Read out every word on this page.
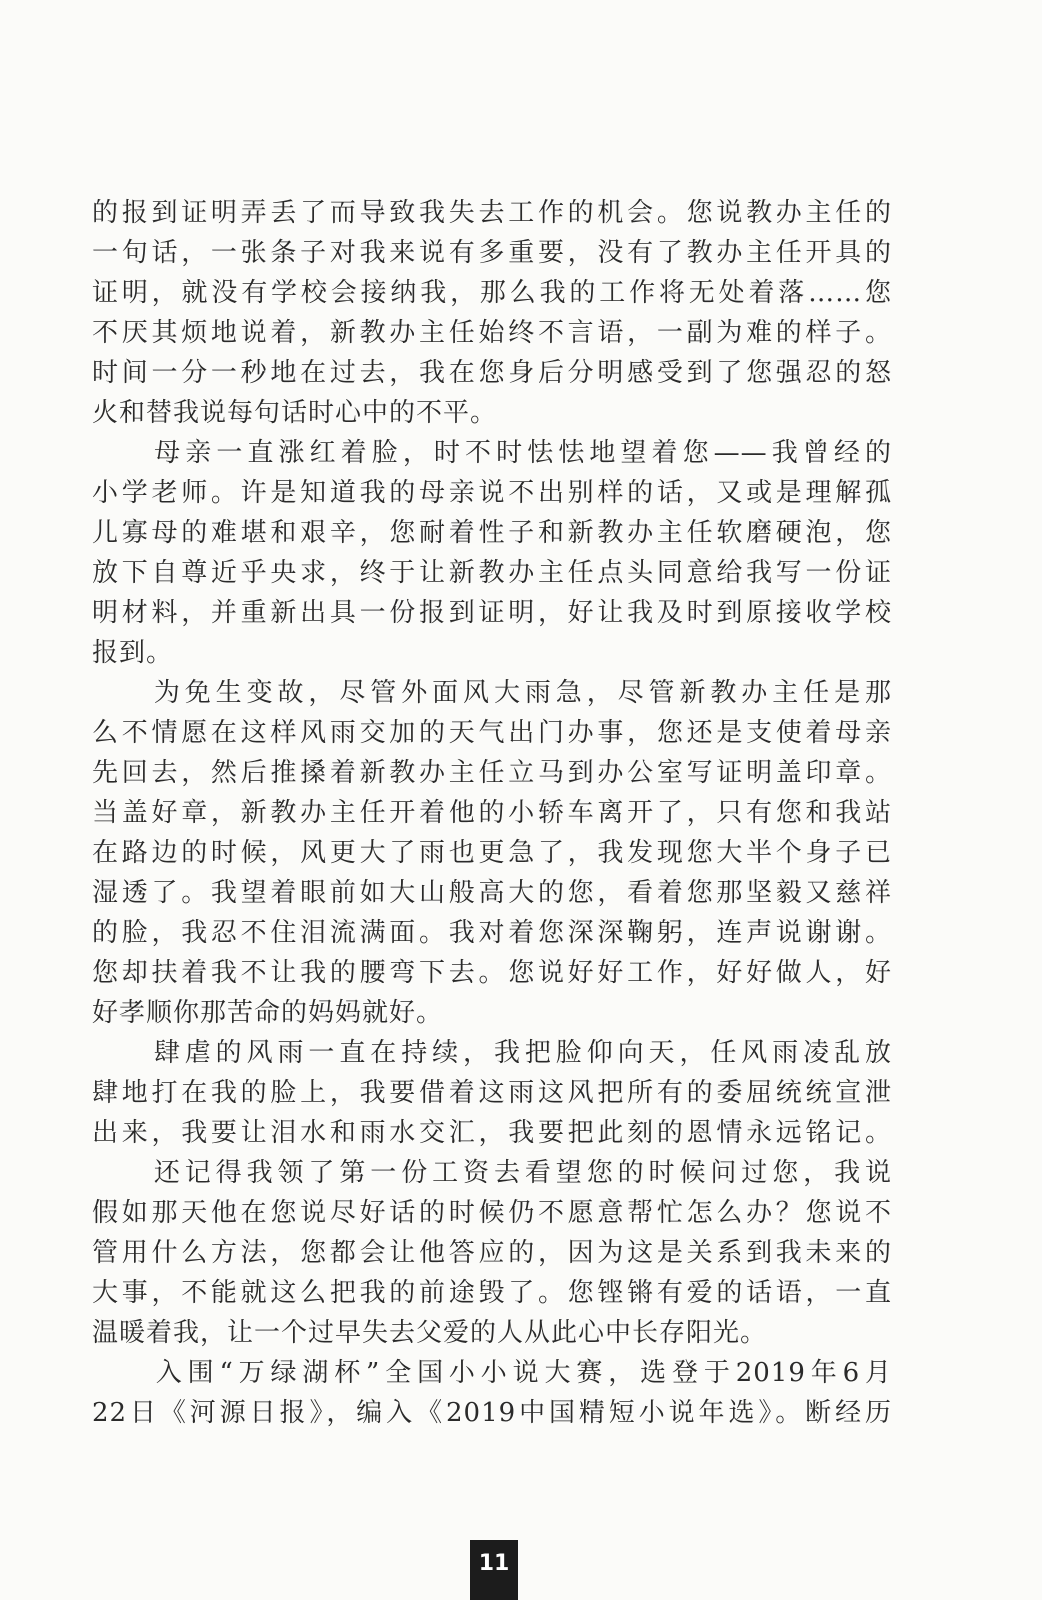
的报到证明弄丢了而导致我失去工作的机会。您说教办主任的
一句话，一张条子对我来说有多重要，没有了教办主任开具的
证明，就没有学校会接纳我，那么我的工作将无处着落……您
不厌其烦地说着，新教办主任始终不言语，一副为难的样子。
时间一分一秒地在过去，我在您身后分明感受到了您强忍的怒
火和替我说每句话时心中的不平。
　　母亲一直涨红着脸，时不时怯怯地望着您——我曾经的
小学老师。许是知道我的母亲说不出别样的话，又或是理解孤
儿寡母的难堪和艰辛，您耐着性子和新教办主任软磨硬泡，您
放下自尊近乎央求，终于让新教办主任点头同意给我写一份证
明材料，并重新出具一份报到证明，好让我及时到原接收学校
报到。
　　为免生变故，尽管外面风大雨急，尽管新教办主任是那
么不情愿在这样风雨交加的天气出门办事，您还是支使着母亲
先回去，然后推搡着新教办主任立马到办公室写证明盖印章。
当盖好章，新教办主任开着他的小轿车离开了，只有您和我站
在路边的时候，风更大了雨也更急了，我发现您大半个身子已
湿透了。我望着眼前如大山般高大的您，看着您那坚毅又慈祥
的脸，我忍不住泪流满面。我对着您深深鞠躬，连声说谢谢。
您却扶着我不让我的腰弯下去。您说好好工作，好好做人，好
好孝顺你那苦命的妈妈就好。
　　肆虐的风雨一直在持续，我把脸仰向天，任风雨凌乱放
肆地打在我的脸上，我要借着这雨这风把所有的委屈统统宣泄
出来，我要让泪水和雨水交汇，我要把此刻的恩情永远铭记。
　　还记得我领了第一份工资去看望您的时候问过您，我说
假如那天他在您说尽好话的时候仍不愿意帮忙怎么办？您说不
管用什么方法，您都会让他答应的，因为这是关系到我未来的
大事，不能就这么把我的前途毁了。您铿锵有爱的话语，一直
温暖着我，让一个过早失去父爱的人从此心中长存阳光。
　　入围“万绿湖杯”全国小小说大赛，选登于2019年6月
22日《河源日报》，编入《2019中国精短小说年选》。断经历
11
